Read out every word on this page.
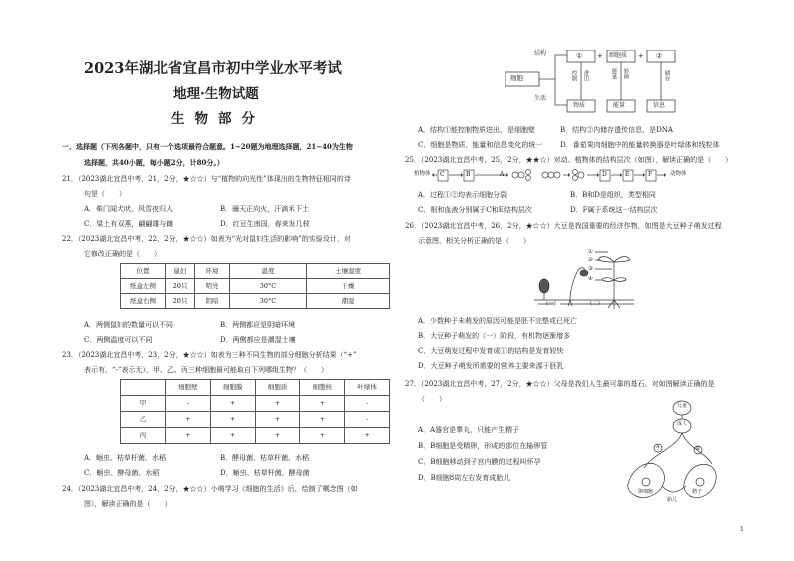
2023年湖北省宜昌市初中学业水平考试
地理·生物试题
生物部分
一、选择题（下列各题中，只有一个选项最符合题意。1~20题为地理选择题，21~40为生物
选择题，共40小题，每小题2分，计80分。）
21．（2023湖北宜昌中考，21，2分，★☆☆）与“植物的向光性”体现出的生物特征相同的诗
句是（　　）
A．柴门闻犬吠，风雪夜归人	B．骊天正向火，汗滴禾下土
C．梁上有双燕，翩翩雄与雌	D．红豆生南国，春来发几枝
22．（2023湖北宜昌中考，22，2分，★☆☆）如表为“光对鼠妇生活的影响”的实验设计，对
它修改正确的是（　　）
位置	鼠妇	环境	温度	土壤湿度
纸盒左侧	20只	明亮	30°C	干燥
纸盒右侧	20只	阴暗	30°C	潮湿
A．两侧鼠妇的数量可以不同	B．两侧都应是阴暗环境
C．两侧温度可以不同	D．两侧都应是潮湿土壤
23．（2023湖北宜昌中考，23，2分，★☆☆）如表为三种不同生物的部分细胞分析结果（“+”
表示有，“-”表示无），甲、乙、丙三种细胞最可能取自下列哪组生物？（　　）
	细胞壁	细胞膜	细胞质	细胞核	叶绿体
甲	-	+	+	+	-
乙	+	+	+	+	-
丙	+	+	+	+	+
A．蛔虫、枯草杆菌、水稻	B．酵母菌、枯草杆菌、水稻
C．蛔虫、酵母菌、水稻	D．蛔虫、枯草杆菌、酵母菌
24．（2023湖北宜昌中考，24，2分，★☆☆）小萌学习《细胞的生活》后，绘制了概念图（如
图），解读正确的是（　　）
细胞
结构
生活
① + 细胞质 + ②
控制 进出	能量 转换	储存
物质	能量	信息
A．结构①能控制物质进出，是细胞壁	B．结构②内储存遗传信息，是DNA
C．细胞是物质、能量和信息变化的统一	D．番茄果肉细胞中的能量转换器是叶绿体和线粒体
25．（2023湖北宜昌中考，25，2分，★★☆）对动、植物体的结构层次（如图），解读正确的是（　　）
植物体 C	B	A	D	E	F	动物体
A．过程①②均表示细胞分裂	B．B和D是组织，类型相同
C．根和血液分别属于C和E结构层次	D．F属于系统这一结构层次
26．（2023湖北宜昌中考，26，2分，★☆☆）大豆是我国重要的经济作物，如图是大豆种子萌发过程
示意图，相关分析正确的是（　　）
①
②
③
④
(一)	(二)
A．少数种子未萌发的原因可能是胚不完整或已死亡
B．大豆种子萌发的（一）阶段，有机物逐渐增多
C．大豆萌发过程中发育成①的结构是发育较快
D．大豆种子萌发所需要的营养主要来源于胚乳
27．（2023湖北宜昌中考，27，2分，★☆☆）父母是我们人生最可靠的基石。对如图解读正确的是
（　　）
A．A器官是睾丸，只能产生精子
B．B细胞是受精卵，形成的部位在输卵管
C．B细胞移动到子宫内膜的过程叫怀孕
D．B细胞8周左右发育成胎儿
儿童
成人
A	B
卵细胞	精子
胎儿
1
